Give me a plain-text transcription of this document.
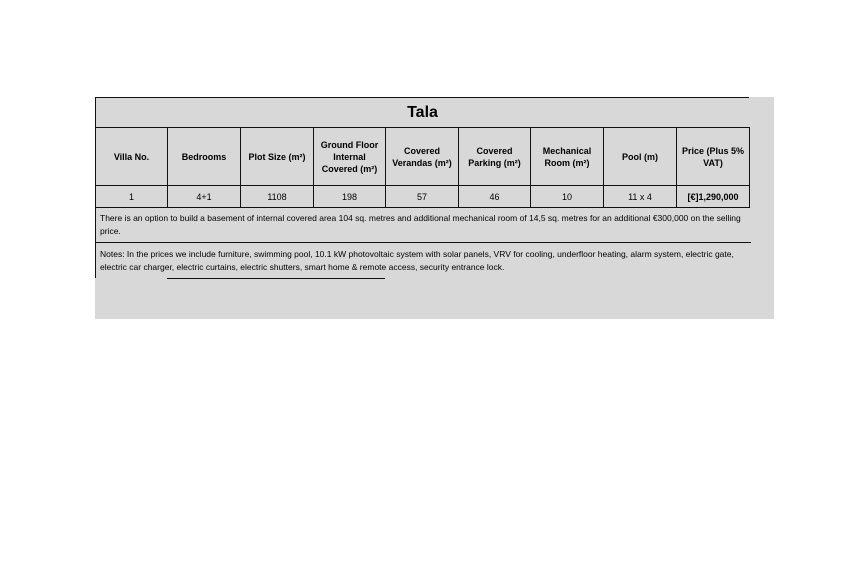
Tala
Villa No.	Bedrooms	Plot Size (m²)	Ground Floor Internal Covered (m²)	Covered Verandas (m²)	Covered Parking (m²)	Mechanical Room (m²)	Pool (m)	Price (Plus 5% VAT)
1	4+1	1108	198	57	46	10	11 x 4	[€]1,290,000
There is an option to build a basement of internal covered area 104 sq. metres and additional mechanical room of 14,5 sq. metres for an additional €300,000 on the selling price.
Notes: In the prices we include furniture, swimming pool, 10.1 kW photovoltaic system with solar panels, VRV for cooling, underfloor heating, alarm system, electric gate, electric car charger, electric curtains, electric shutters, smart home & remote access, security entrance lock.
